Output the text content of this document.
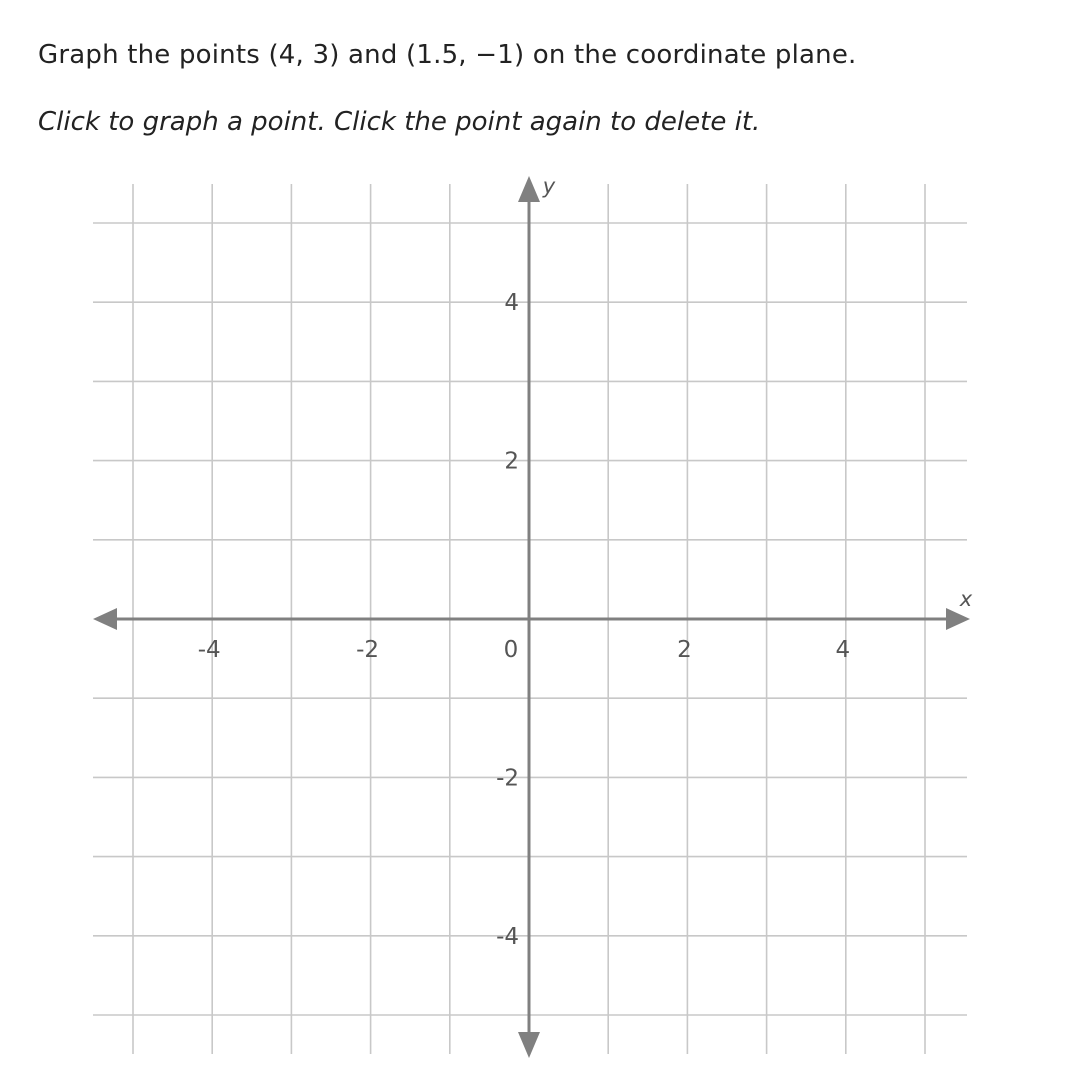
Graph the points (4, 3) and (1.5, −1) on the coordinate plane.

Click to graph a point. Click the point again to delete it.

x
y
-4	-2	2	4
-4
-2
2
4
0
